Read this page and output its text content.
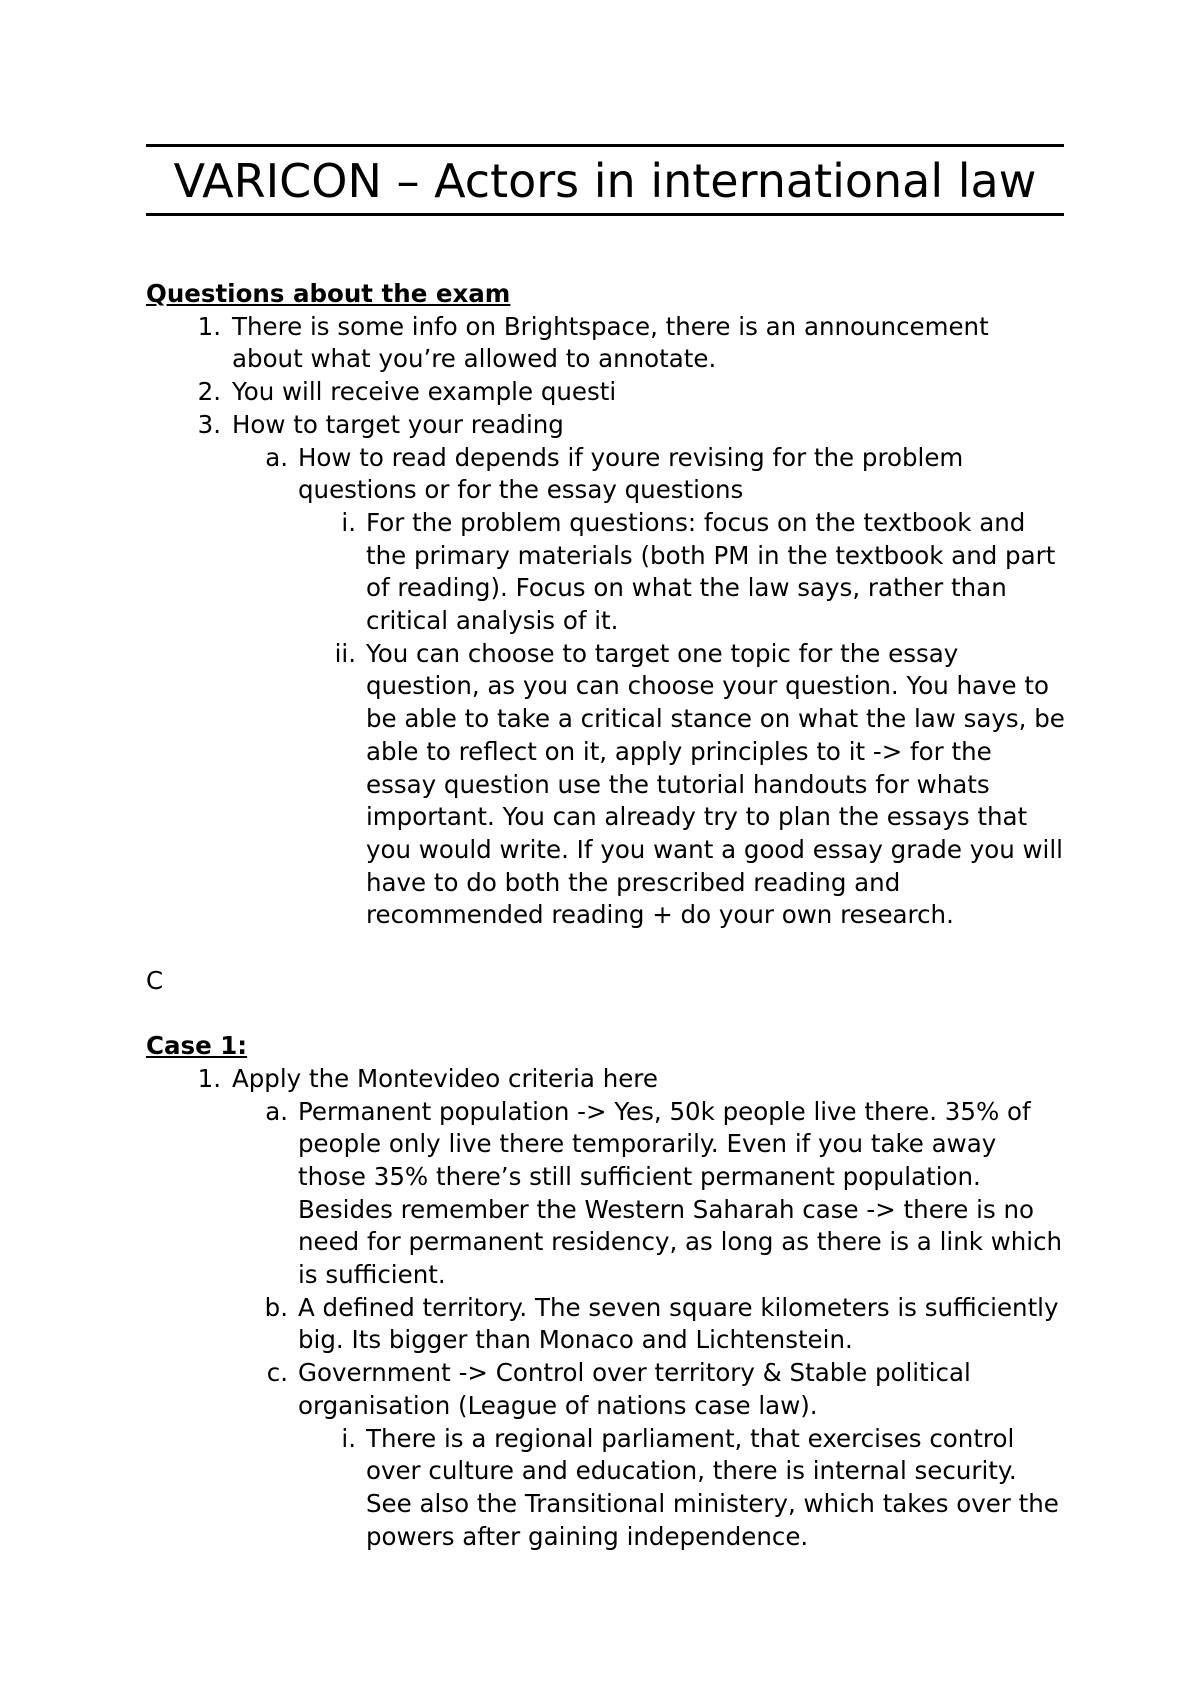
VARICON – Actors in international law

Questions about the exam

1. There is some info on Brightspace, there is an announcement about what you’re allowed to annotate.
2. You will receive example questi
3. How to target your reading
a. How to read depends if youre revising for the problem questions or for the essay questions
i. For the problem questions: focus on the textbook and the primary materials (both PM in the textbook and part of reading). Focus on what the law says, rather than critical analysis of it.
ii. You can choose to target one topic for the essay question, as you can choose your question. You have to be able to take a critical stance on what the law says, be able to reflect on it, apply principles to it -> for the essay question use the tutorial handouts for whats important. You can already try to plan the essays that you would write. If you want a good essay grade you will have to do both the prescribed reading and recommended reading + do your own research.

C

Case 1:

1. Apply the Montevideo criteria here
a. Permanent population -> Yes, 50k people live there. 35% of people only live there temporarily. Even if you take away those 35% there’s still sufficient permanent population. Besides remember the Western Saharah case -> there is no need for permanent residency, as long as there is a link which is sufficient.
b. A defined territory. The seven square kilometers is sufficiently big. Its bigger than Monaco and Lichtenstein.
c. Government -> Control over territory & Stable political organisation (League of nations case law).
i. There is a regional parliament, that exercises control over culture and education, there is internal security. See also the Transitional ministery, which takes over the powers after gaining independence.
